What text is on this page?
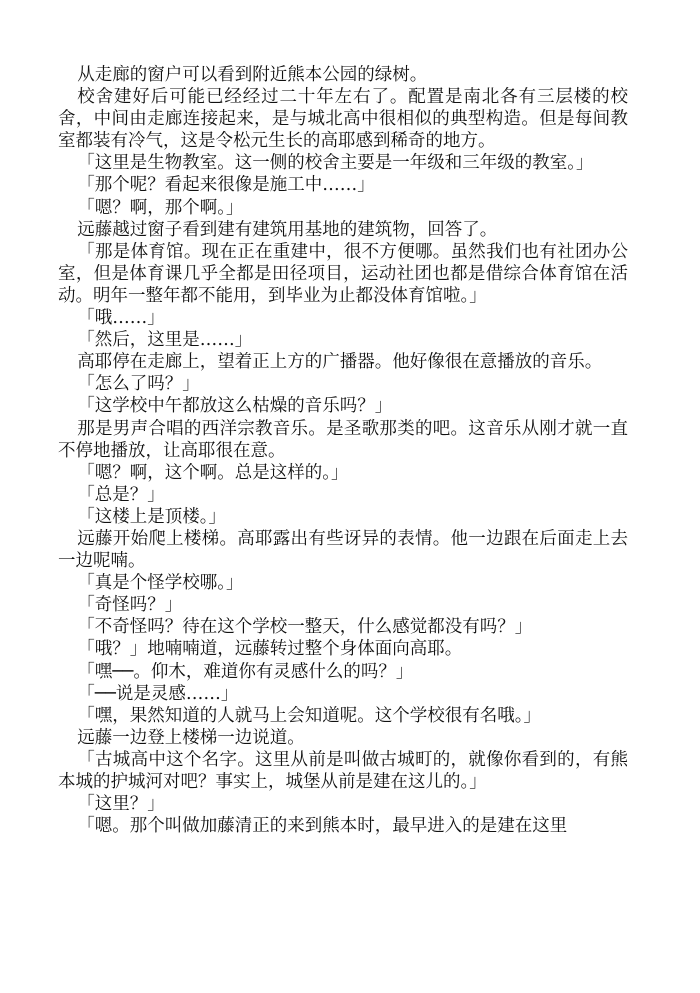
从走廊的窗户可以看到附近熊本公园的绿树。

校舍建好后可能已经经过二十年左右了。配置是南北各有三层楼的校舍，中间由走廊连接起来，是与城北高中很相似的典型构造。但是每间教室都装有冷气，这是令松元生长的高耶感到稀奇的地方。

「这里是生物教室。这一侧的校舍主要是一年级和三年级的教室。」

「那个呢？看起来很像是施工中……」

「嗯？啊，那个啊。」

远藤越过窗子看到建有建筑用基地的建筑物，回答了。

「那是体育馆。现在正在重建中，很不方便哪。虽然我们也有社团办公室，但是体育课几乎全都是田径项目，运动社团也都是借综合体育馆在活动。明年一整年都不能用，到毕业为止都没体育馆啦。」

「哦……」

「然后，这里是……」

高耶停在走廊上，望着正上方的广播器。他好像很在意播放的音乐。

「怎么了吗？」

「这学校中午都放这么枯燥的音乐吗？」

那是男声合唱的西洋宗教音乐。是圣歌那类的吧。这音乐从刚才就一直不停地播放，让高耶很在意。

「嗯？啊，这个啊。总是这样的。」

「总是？」

「这楼上是顶楼。」

远藤开始爬上楼梯。高耶露出有些讶异的表情。他一边跟在后面走上去一边呢喃。

「真是个怪学校哪。」

「奇怪吗？」

「不奇怪吗？待在这个学校一整天，什么感觉都没有吗？」

「哦？」地喃喃道，远藤转过整个身体面向高耶。

「嘿──。仰木，难道你有灵感什么的吗？」

「──说是灵感……」

「嘿，果然知道的人就马上会知道呢。这个学校很有名哦。」

远藤一边登上楼梯一边说道。

「古城高中这个名字。这里从前是叫做古城町的，就像你看到的，有熊本城的护城河对吧？事实上，城堡从前是建在这儿的。」

「这里？」

「嗯。那个叫做加藤清正的来到熊本时，最早进入的是建在这里
